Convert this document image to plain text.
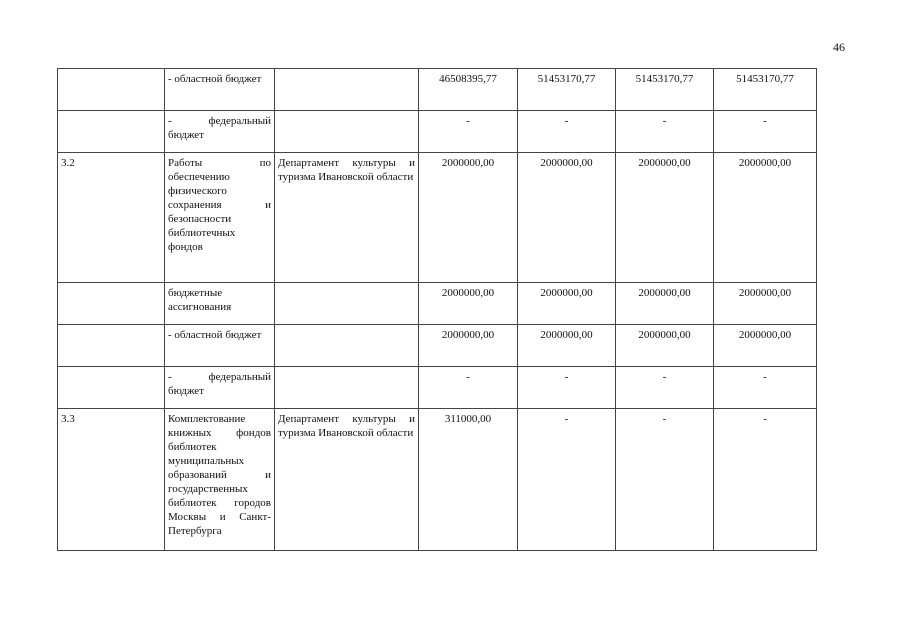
46
	- областной бюджет		46508395,77	51453170,77	51453170,77	51453170,77
	- федеральный бюджет		-	-	-	-
3.2	Работы по обеспечению физического сохранения и безопасности библиотечных фондов	Департамент культуры и туризма Ивановской области	2000000,00	2000000,00	2000000,00	2000000,00
	бюджетные ассигнования		2000000,00	2000000,00	2000000,00	2000000,00
	- областной бюджет		2000000,00	2000000,00	2000000,00	2000000,00
	- федеральный бюджет		-	-	-	-
3.3	Комплектование книжных фондов библиотек муниципальных образований и государственных библиотек городов Москвы и Санкт-Петербурга	Департамент культуры и туризма Ивановской области	311000,00	-	-	-
